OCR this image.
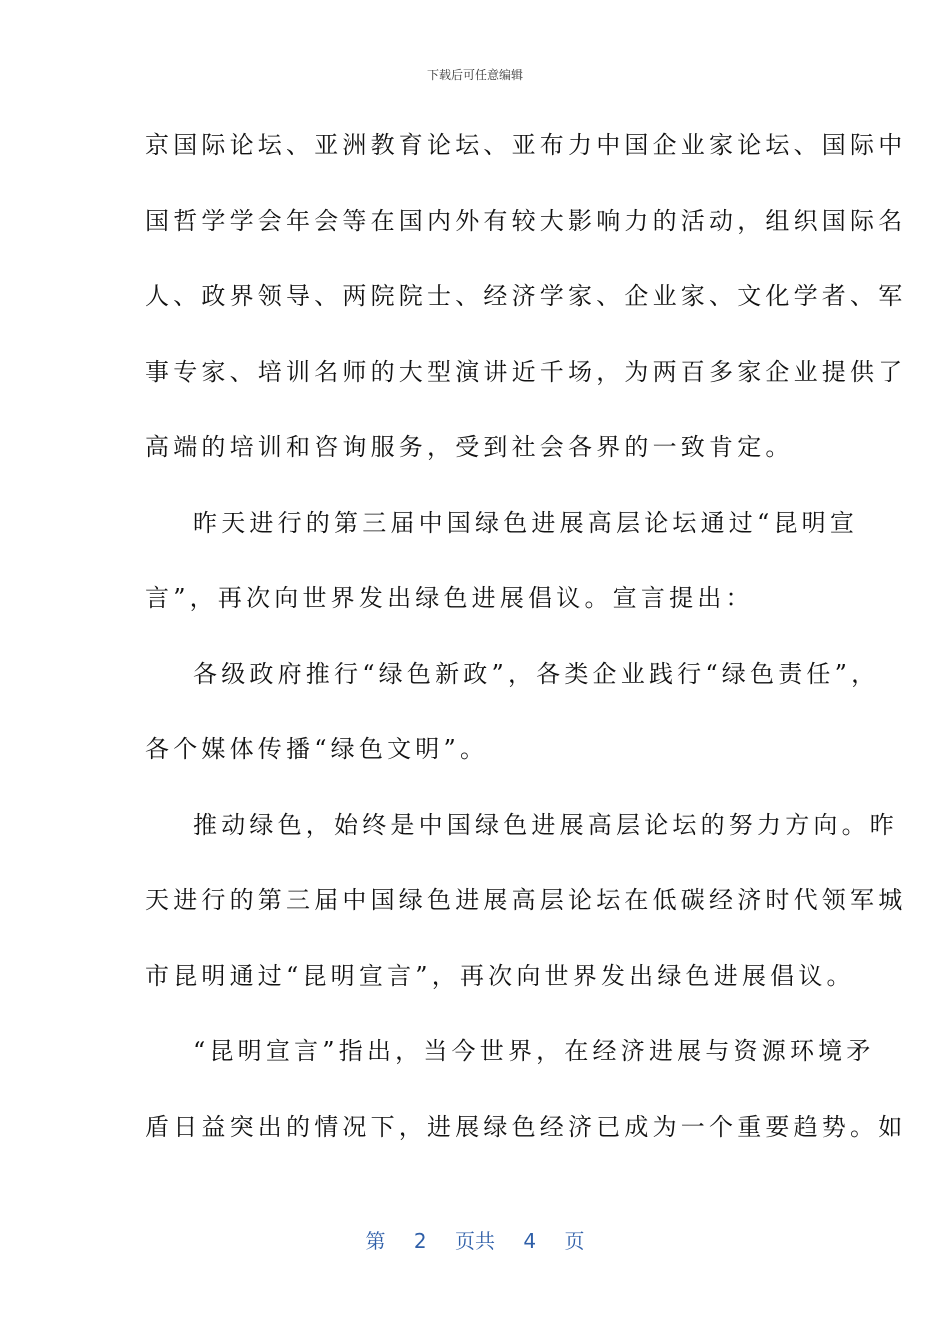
下载后可任意编辑
京国际论坛、亚洲教育论坛、亚布力中国企业家论坛、国际中
国哲学学会年会等在国内外有较大影响力的活动，组织国际名
人、政界领导、两院院士、经济学家、企业家、文化学者、军
事专家、培训名师的大型演讲近千场，为两百多家企业提供了
高端的培训和咨询服务，受到社会各界的一致肯定。
昨天进行的第三届中国绿色进展高层论坛通过“昆明宣
言”，再次向世界发出绿色进展倡议。宣言提出：
各级政府推行“绿色新政”，各类企业践行“绿色责任”，
各个媒体传播“绿色文明”。
推动绿色，始终是中国绿色进展高层论坛的努力方向。昨
天进行的第三届中国绿色进展高层论坛在低碳经济时代领军城
市昆明通过“昆明宣言”，再次向世界发出绿色进展倡议。
“昆明宣言”指出，当今世界，在经济进展与资源环境矛
盾日益突出的情况下，进展绿色经济已成为一个重要趋势。如
第 2 页共 4 页
